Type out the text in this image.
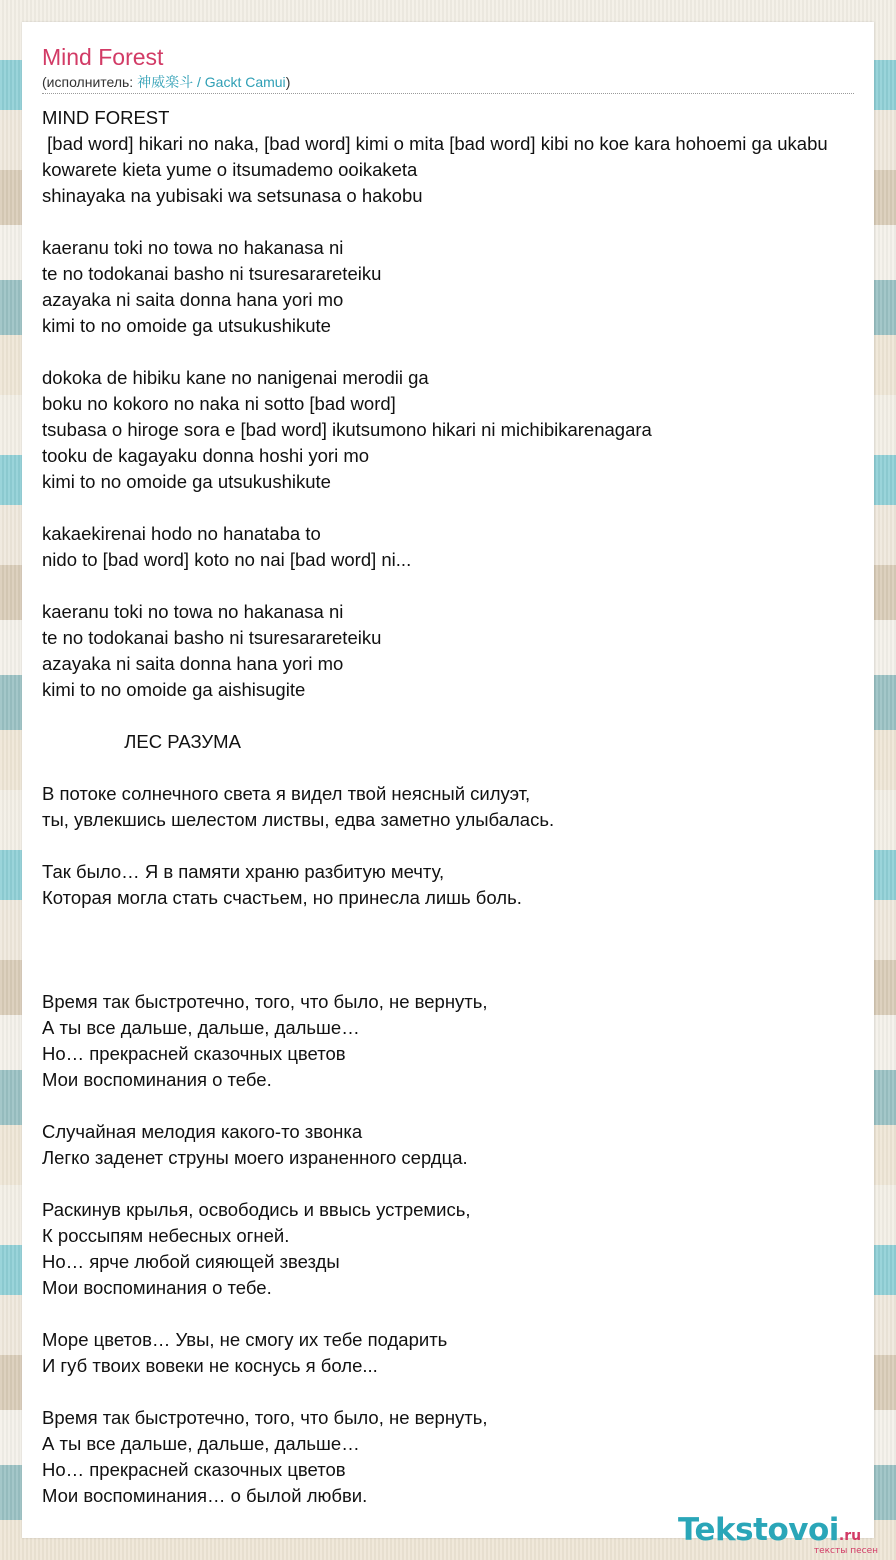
Mind Forest
(исполнитель: 神威楽斗 / Gackt Camui)
MIND FOREST
[bad word] hikari no naka, [bad word] kimi o mita [bad word] kibi no koe kara hohoemi ga ukabu
kowarete kieta yume o itsumademo ooikaketa
shinayaka na yubisaki wa setsunasa o hakobu

kaeranu toki no towa no hakanasa ni
te no todokanai basho ni tsuresarareteiku
azayaka ni saita donna hana yori mo
kimi to no omoide ga utsukushikute

dokoka de hibiku kane no nanigenai merodii ga
boku no kokoro no naka ni sotto [bad word]
tsubasa o hiroge sora e [bad word] ikutsumono hikari ni michibikarenagara
tooku de kagayaku donna hoshi yori mo
kimi to no omoide ga utsukushikute

kakaekirenai hodo no hanataba to
nido to [bad word] koto no nai [bad word] ni...

kaeranu toki no towa no hakanasa ni
te no todokanai basho ni tsuresarareteiku
azayaka ni saita donna hana yori mo
kimi to no omoide ga aishisugite

ЛЕС РАЗУМА

В потоке солнечного света я видел твой неясный силуэт,
ты, увлекшись шелестом листвы, едва заметно улыбалась.

Так было… Я в памяти храню разбитую мечту,
Которая могла стать счастьем, но принесла лишь боль.

Время так быстротечно, того, что было, не вернуть,
А ты все дальше, дальше, дальше…
Но… прекрасней сказочных цветов
Мои воспоминания о тебе.

Случайная мелодия какого-то звонка
Легко заденет струны моего израненного сердца.

Раскинув крылья, освободись и ввысь устремись,
К россыпям небесных огней.
Но… ярче любой сияющей звезды
Мои воспоминания о тебе.

Море цветов… Увы, не смогу их тебе подарить
И губ твоих вовеки не коснусь я боле...

Время так быстротечно, того, что было, не вернуть,
А ты все дальше, дальше, дальше…
Но… прекрасней сказочных цветов
Мои воспоминания… о былой любви.
Tekstovoi.ru
тексты песен
